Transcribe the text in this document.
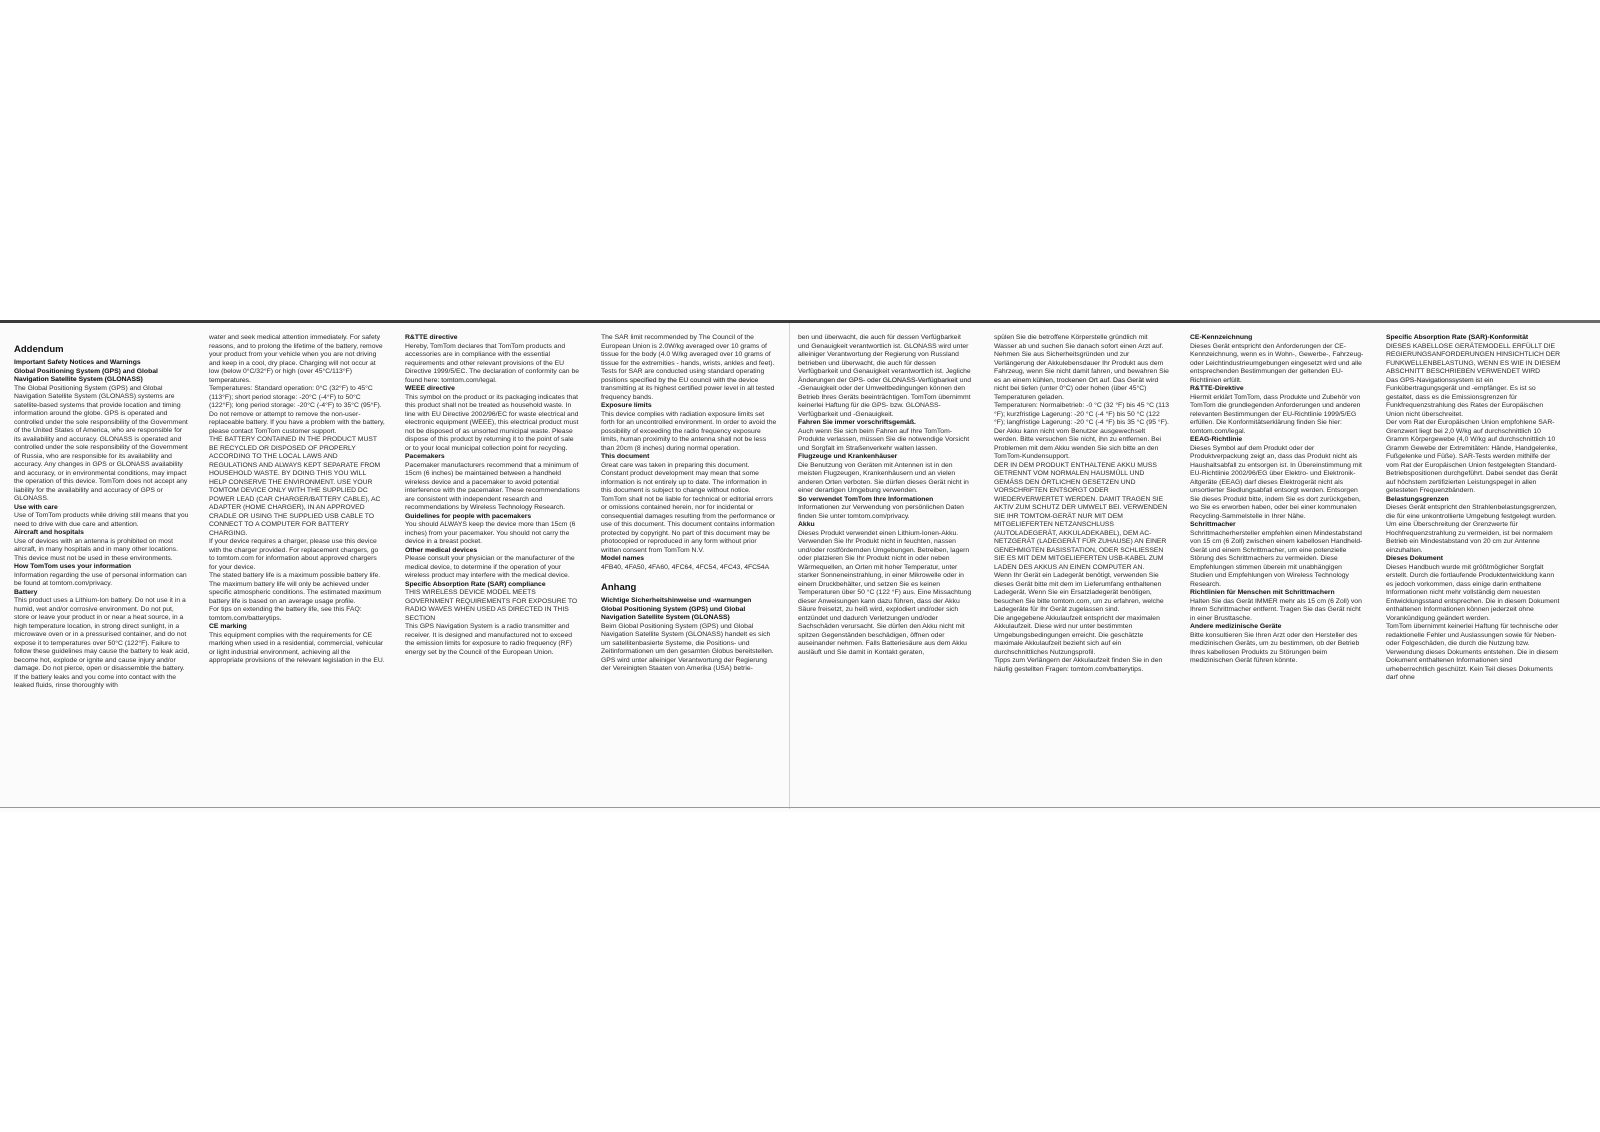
Addendum

Important Safety Notices and Warnings

Global Positioning System (GPS) and Global Navigation Satellite System (GLONASS)

The Global Positioning System (GPS) and Global Navigation Satellite System (GLONASS) systems are satellite-based systems that provide location and timing information around the globe. GPS is operated and controlled under the sole responsibility of the Government of the United States of America, who are responsible for its availability and accuracy. GLONASS is operated and controlled under the sole responsibility of the Government of Russia, who are responsible for its availability and accuracy. Any changes in GPS or GLONASS availability and accuracy, or in environmental conditions, may impact the operation of this device. TomTom does not accept any liability for the availability and accuracy of GPS or GLONASS.

Use with care

Use of TomTom products while driving still means that you need to drive with due care and attention.

Aircraft and hospitals

Use of devices with an antenna is prohibited on most aircraft, in many hospitals and in many other locations. This device must not be used in these environments.

How TomTom uses your information

Information regarding the use of personal information can be found at tomtom.com/privacy.

Battery

This product uses a Lithium-Ion battery. Do not use it in a humid, wet and/or corrosive environment. Do not put, store or leave your product in or near a heat source, in a high temperature location, in strong direct sunlight, in a microwave oven or in a pressurised container, and do not expose it to temperatures over 50°C (122°F). Failure to follow these guidelines may cause the battery to leak acid, become hot, explode or ignite and cause injury and/or damage. Do not pierce, open or disassemble the battery. If the battery leaks and you come into contact with the leaked fluids, rinse thoroughly with

water and seek medical attention immediately. For safety reasons, and to prolong the lifetime of the battery, remove your product from your vehicle when you are not driving and keep in a cool, dry place. Charging will not occur at low (below 0°C/32°F) or high (over 45°C/113°F) temperatures.

Temperatures: Standard operation: 0°C (32°F) to 45°C (113°F); short period storage: -20°C (-4°F) to 50°C (122°F); long period storage: -20°C (-4°F) to 35°C (95°F).

Do not remove or attempt to remove the non-user-replaceable battery. If you have a problem with the battery, please contact TomTom customer support.

THE BATTERY CONTAINED IN THE PRODUCT MUST BE RECYCLED OR DISPOSED OF PROPERLY ACCORDING TO THE LOCAL LAWS AND REGULATIONS AND ALWAYS KEPT SEPARATE FROM HOUSEHOLD WASTE. BY DOING THIS YOU WILL HELP CONSERVE THE ENVIRONMENT. USE YOUR TOMTOM DEVICE ONLY WITH THE SUPPLIED DC POWER LEAD (CAR CHARGER/BATTERY CABLE), AC ADAPTER (HOME CHARGER), IN AN APPROVED CRADLE OR USING THE SUPPLIED USB CABLE TO CONNECT TO A COMPUTER FOR BATTERY CHARGING.

If your device requires a charger, please use this device with the charger provided. For replacement chargers, go to tomtom.com for information about approved chargers for your device.

The stated battery life is a maximum possible battery life. The maximum battery life will only be achieved under specific atmospheric conditions. The estimated maximum battery life is based on an average usage profile.

For tips on extending the battery life, see this FAQ: tomtom.com/batterytips.

CE marking

This equipment complies with the requirements for CE marking when used in a residential, commercial, vehicular or light industrial environment, achieving all the appropriate provisions of the relevant legislation in the EU.

R&TTE directive

Hereby, TomTom declares that TomTom products and accessories are in compliance with the essential requirements and other relevant provisions of the EU Directive 1999/5/EC. The declaration of conformity can be found here: tomtom.com/legal.

WEEE directive

This symbol on the product or its packaging indicates that this product shall not be treated as household waste. In line with EU Directive 2002/96/EC for waste electrical and electronic equipment (WEEE), this electrical product must not be disposed of as unsorted municipal waste. Please dispose of this product by returning it to the point of sale or to your local municipal collection point for recycling.

Pacemakers

Pacemaker manufacturers recommend that a minimum of 15cm (6 inches) be maintained between a handheld wireless device and a pacemaker to avoid potential interference with the pacemaker. These recommendations are consistent with independent research and recommendations by Wireless Technology Research.

Guidelines for people with pacemakers

You should ALWAYS keep the device more than 15cm (6 inches) from your pacemaker. You should not carry the device in a breast pocket.

Other medical devices

Please consult your physician or the manufacturer of the medical device, to determine if the operation of your wireless product may interfere with the medical device.

Specific Absorption Rate (SAR) compliance

THIS WIRELESS DEVICE MODEL MEETS GOVERNMENT REQUIREMENTS FOR EXPOSURE TO RADIO WAVES WHEN USED AS DIRECTED IN THIS SECTION

This GPS Navigation System is a radio transmitter and receiver. It is designed and manufactured not to exceed the emission limits for exposure to radio frequency (RF) energy set by the Council of the European Union.

The SAR limit recommended by The Council of the European Union is 2.0W/kg averaged over 10 grams of tissue for the body (4.0 W/kg averaged over 10 grams of tissue for the extremities - hands, wrists, ankles and feet). Tests for SAR are conducted using standard operating positions specified by the EU council with the device transmitting at its highest certified power level in all tested frequency bands.

Exposure limits

This device complies with radiation exposure limits set forth for an uncontrolled environment. In order to avoid the possibility of exceeding the radio frequency exposure limits, human proximity to the antenna shall not be less than 20cm (8 inches) during normal operation.

This document

Great care was taken in preparing this document. Constant product development may mean that some information is not entirely up to date. The information in this document is subject to change without notice.

TomTom shall not be liable for technical or editorial errors or omissions contained herein, nor for incidental or consequential damages resulting from the performance or use of this document. This document contains information protected by copyright. No part of this document may be photocopied or reproduced in any form without prior written consent from TomTom N.V.

Model names

4FB40, 4FA50, 4FA60, 4FC64, 4FC54, 4FC43, 4FC54A

Anhang

Wichtige Sicherheitshinweise und -warnungen

Global Positioning System (GPS) und Global Navigation Satellite System (GLONASS)

Beim Global Positioning System (GPS) und Global Navigation Satellite System (GLONASS) handelt es sich um satellitenbasierte Systeme, die Positions- und Zeitinformationen um den gesamten Globus bereitstellen. GPS wird unter alleiniger Verantwortung der Regierung der Vereinigten Staaten von Amerika (USA) betrie-

ben und überwacht, die auch für dessen Verfügbarkeit und Genauigkeit verantwortlich ist. GLONASS wird unter alleiniger Verantwortung der Regierung von Russland betrieben und überwacht, die auch für dessen Verfügbarkeit und Genauigkeit verantwortlich ist. Jegliche Änderungen der GPS- oder GLONASS-Verfügbarkeit und -Genauigkeit oder der Umweltbedingungen können den Betrieb Ihres Geräts beeinträchtigen. TomTom übernimmt keinerlei Haftung für die GPS- bzw. GLONASS-Verfügbarkeit und -Genauigkeit.

Fahren Sie immer vorschriftsgemäß.

Auch wenn Sie sich beim Fahren auf Ihre TomTom-Produkte verlassen, müssen Sie die notwendige Vorsicht und Sorgfalt im Straßenverkehr walten lassen.

Flugzeuge und Krankenhäuser

Die Benutzung von Geräten mit Antennen ist in den meisten Flugzeugen, Krankenhäusern und an vielen anderen Orten verboten. Sie dürfen dieses Gerät nicht in einer derartigen Umgebung verwenden.

So verwendet TomTom Ihre Informationen

Informationen zur Verwendung von persönlichen Daten finden Sie unter tomtom.com/privacy.

Akku

Dieses Produkt verwendet einen Lithium-Ionen-Akku.

Verwenden Sie Ihr Produkt nicht in feuchten, nassen und/oder rostfördernden Umgebungen. Betreiben, lagern oder platzieren Sie Ihr Produkt nicht in oder neben Wärmequellen, an Orten mit hoher Temperatur, unter starker Sonneneinstrahlung, in einer Mikrowelle oder in einem Druckbehälter, und setzen Sie es keinen Temperaturen über 50 °C (122 °F) aus. Eine Missachtung dieser Anweisungen kann dazu führen, dass der Akku Säure freisetzt, zu heiß wird, explodiert und/oder sich entzündet und dadurch Verletzungen und/oder Sachschäden verursacht. Sie dürfen den Akku nicht mit spitzen Gegenständen beschädigen, öffnen oder auseinander nehmen. Falls Batteriesäure aus dem Akku ausläuft und Sie damit in Kontakt geraten,

spülen Sie die betroffene Körperstelle gründlich mit Wasser ab und suchen Sie danach sofort einen Arzt auf. Nehmen Sie aus Sicherheitsgründen und zur Verlängerung der Akkulebensdauer Ihr Produkt aus dem Fahrzeug, wenn Sie nicht damit fahren, und bewahren Sie es an einem kühlen, trockenen Ort auf. Das Gerät wird nicht bei tiefen (unter 0°C) oder hohen (über 45°C) Temperaturen geladen.

Temperaturen: Normalbetrieb: -0 °C (32 °F) bis 45 °C (113 °F); kurzfristige Lagerung: -20 °C (-4 °F) bis 50 °C (122 °F); langfristige Lagerung: -20 °C (-4 °F) bis 35 °C (95 °F).

Der Akku kann nicht vom Benutzer ausgewechselt werden. Bitte versuchen Sie nicht, ihn zu entfernen. Bei Problemen mit dem Akku wenden Sie sich bitte an den TomTom-Kundensupport.

DER IN DEM PRODUKT ENTHALTENE AKKU MUSS GETRENNT VOM NORMALEN HAUSMÜLL UND GEMÄSS DEN ÖRTLICHEN GESETZEN UND VORSCHRIFTEN ENTSORGT ODER WIEDERVERWERTET WERDEN. DAMIT TRAGEN SIE AKTIV ZUM SCHUTZ DER UMWELT BEI. VERWENDEN SIE IHR TOMTOM-GERÄT NUR MIT DEM MITGELIEFERTEN NETZANSCHLUSS (AUTOLADEGERÄT, AKKULADEKABEL), DEM AC-NETZGERÄT (LADEGERÄT FÜR ZUHAUSE) AN EINER GENEHMIGTEN BASISSTATION, ODER SCHLIESSEN SIE ES MIT DEM MITGELIEFERTEN USB-KABEL ZUM LADEN DES AKKUS AN EINEN COMPUTER AN.

Wenn Ihr Gerät ein Ladegerät benötigt, verwenden Sie dieses Gerät bitte mit dem im Lieferumfang enthaltenen Ladegerät. Wenn Sie ein Ersatzladegerät benötigen, besuchen Sie bitte tomtom.com, um zu erfahren, welche Ladegeräte für Ihr Gerät zugelassen sind.

Die angegebene Akkulaufzeit entspricht der maximalen Akkulaufzeit. Diese wird nur unter bestimmten Umgebungsbedingungen erreicht. Die geschätzte maximale Akkulaufzeit bezieht sich auf ein durchschnittliches Nutzungsprofil.

Tipps zum Verlängern der Akkulaufzeit finden Sie in den häufig gestellten Fragen: tomtom.com/batterytips.

CE-Kennzeichnung

Dieses Gerät entspricht den Anforderungen der CE-Kennzeichnung, wenn es in Wohn-, Gewerbe-, Fahrzeug- oder Leichtindustrieumgebungen eingesetzt wird und alle entsprechenden Bestimmungen der geltenden EU-Richtlinien erfüllt.

R&TTE-Direktive

Hiermit erklärt TomTom, dass Produkte und Zubehör von TomTom die grundlegenden Anforderungen und anderen relevanten Bestimmungen der EU-Richtlinie 1999/5/EG erfüllen. Die Konformitätserklärung finden Sie hier: tomtom.com/legal.

EEAG-Richtlinie

Dieses Symbol auf dem Produkt oder der Produktverpackung zeigt an, dass das Produkt nicht als Haushaltsabfall zu entsorgen ist. In Übereinstimmung mit EU-Richtlinie 2002/96/EG über Elektro- und Elektronik-Altgeräte (EEAG) darf dieses Elektrogerät nicht als unsortierter Siedlungsabfall entsorgt werden. Entsorgen Sie dieses Produkt bitte, indem Sie es dort zurückgeben, wo Sie es erworben haben, oder bei einer kommunalen Recycling-Sammelstelle in Ihrer Nähe.

Schrittmacher

Schrittmacherhersteller empfehlen einen Mindestabstand von 15 cm (6 Zoll) zwischen einem kabellosen Handheld-Gerät und einem Schrittmacher, um eine potenzielle Störung des Schrittmachers zu vermeiden. Diese Empfehlungen stimmen überein mit unabhängigen Studien und Empfehlungen von Wireless Technology Research.

Richtlinien für Menschen mit Schrittmachern

Halten Sie das Gerät IMMER mehr als 15 cm (6 Zoll) von Ihrem Schrittmacher entfernt. Tragen Sie das Gerät nicht in einer Brusttasche.

Andere medizinische Geräte

Bitte konsultieren Sie Ihren Arzt oder den Hersteller des medizinischen Geräts, um zu bestimmen, ob der Betrieb Ihres kabellosen Produkts zu Störungen beim medizinischen Gerät führen könnte.

Specific Absorption Rate (SAR)-Konformität

DIESES KABELLOSE GERÄTEMODELL ERFÜLLT DIE REGIERUNGSANFORDERUNGEN HINSICHTLICH DER FUNKWELLENBELASTUNG, WENN ES WIE IN DIESEM ABSCHNITT BESCHRIEBEN VERWENDET WIRD

Das GPS-Navigationssystem ist ein Funkübertragungsgerät und -empfänger. Es ist so gestaltet, dass es die Emissionsgrenzen für Funkfrequenzstrahlung des Rates der Europäischen Union nicht überschreitet.

Der vom Rat der Europäischen Union empfohlene SAR-Grenzwert liegt bei 2,0 W/kg auf durchschnittlich 10 Gramm Körpergewebe (4,0 W/kg auf durchschnittlich 10 Gramm Gewebe der Extremitäten: Hände, Handgelenke, Fußgelenke und Füße). SAR-Tests werden mithilfe der vom Rat der Europäischen Union festgelegten Standard-Betriebspositionen durchgeführt. Dabei sendet das Gerät auf höchstem zertifizierten Leistungspegel in allen getesteten Frequenzbändern.

Belastungsgrenzen

Dieses Gerät entspricht den Strahlenbelastungsgrenzen, die für eine unkontrollierte Umgebung festgelegt wurden. Um eine Überschreitung der Grenzwerte für Hochfrequenzstrahlung zu vermeiden, ist bei normalem Betrieb ein Mindestabstand von 20 cm zur Antenne einzuhalten.

Dieses Dokument

Dieses Handbuch wurde mit größtmöglicher Sorgfalt erstellt. Durch die fortlaufende Produktentwicklung kann es jedoch vorkommen, dass einige darin enthaltene Informationen nicht mehr vollständig dem neuesten Entwicklungsstand entsprechen. Die in diesem Dokument enthaltenen Informationen können jederzeit ohne Vorankündigung geändert werden.

TomTom übernimmt keinerlei Haftung für technische oder redaktionelle Fehler und Auslassungen sowie für Neben- oder Folgeschäden, die durch die Nutzung bzw. Verwendung dieses Dokuments entstehen. Die in diesem Dokument enthaltenen Informationen sind urheberrechtlich geschützt. Kein Teil dieses Dokuments darf ohne
